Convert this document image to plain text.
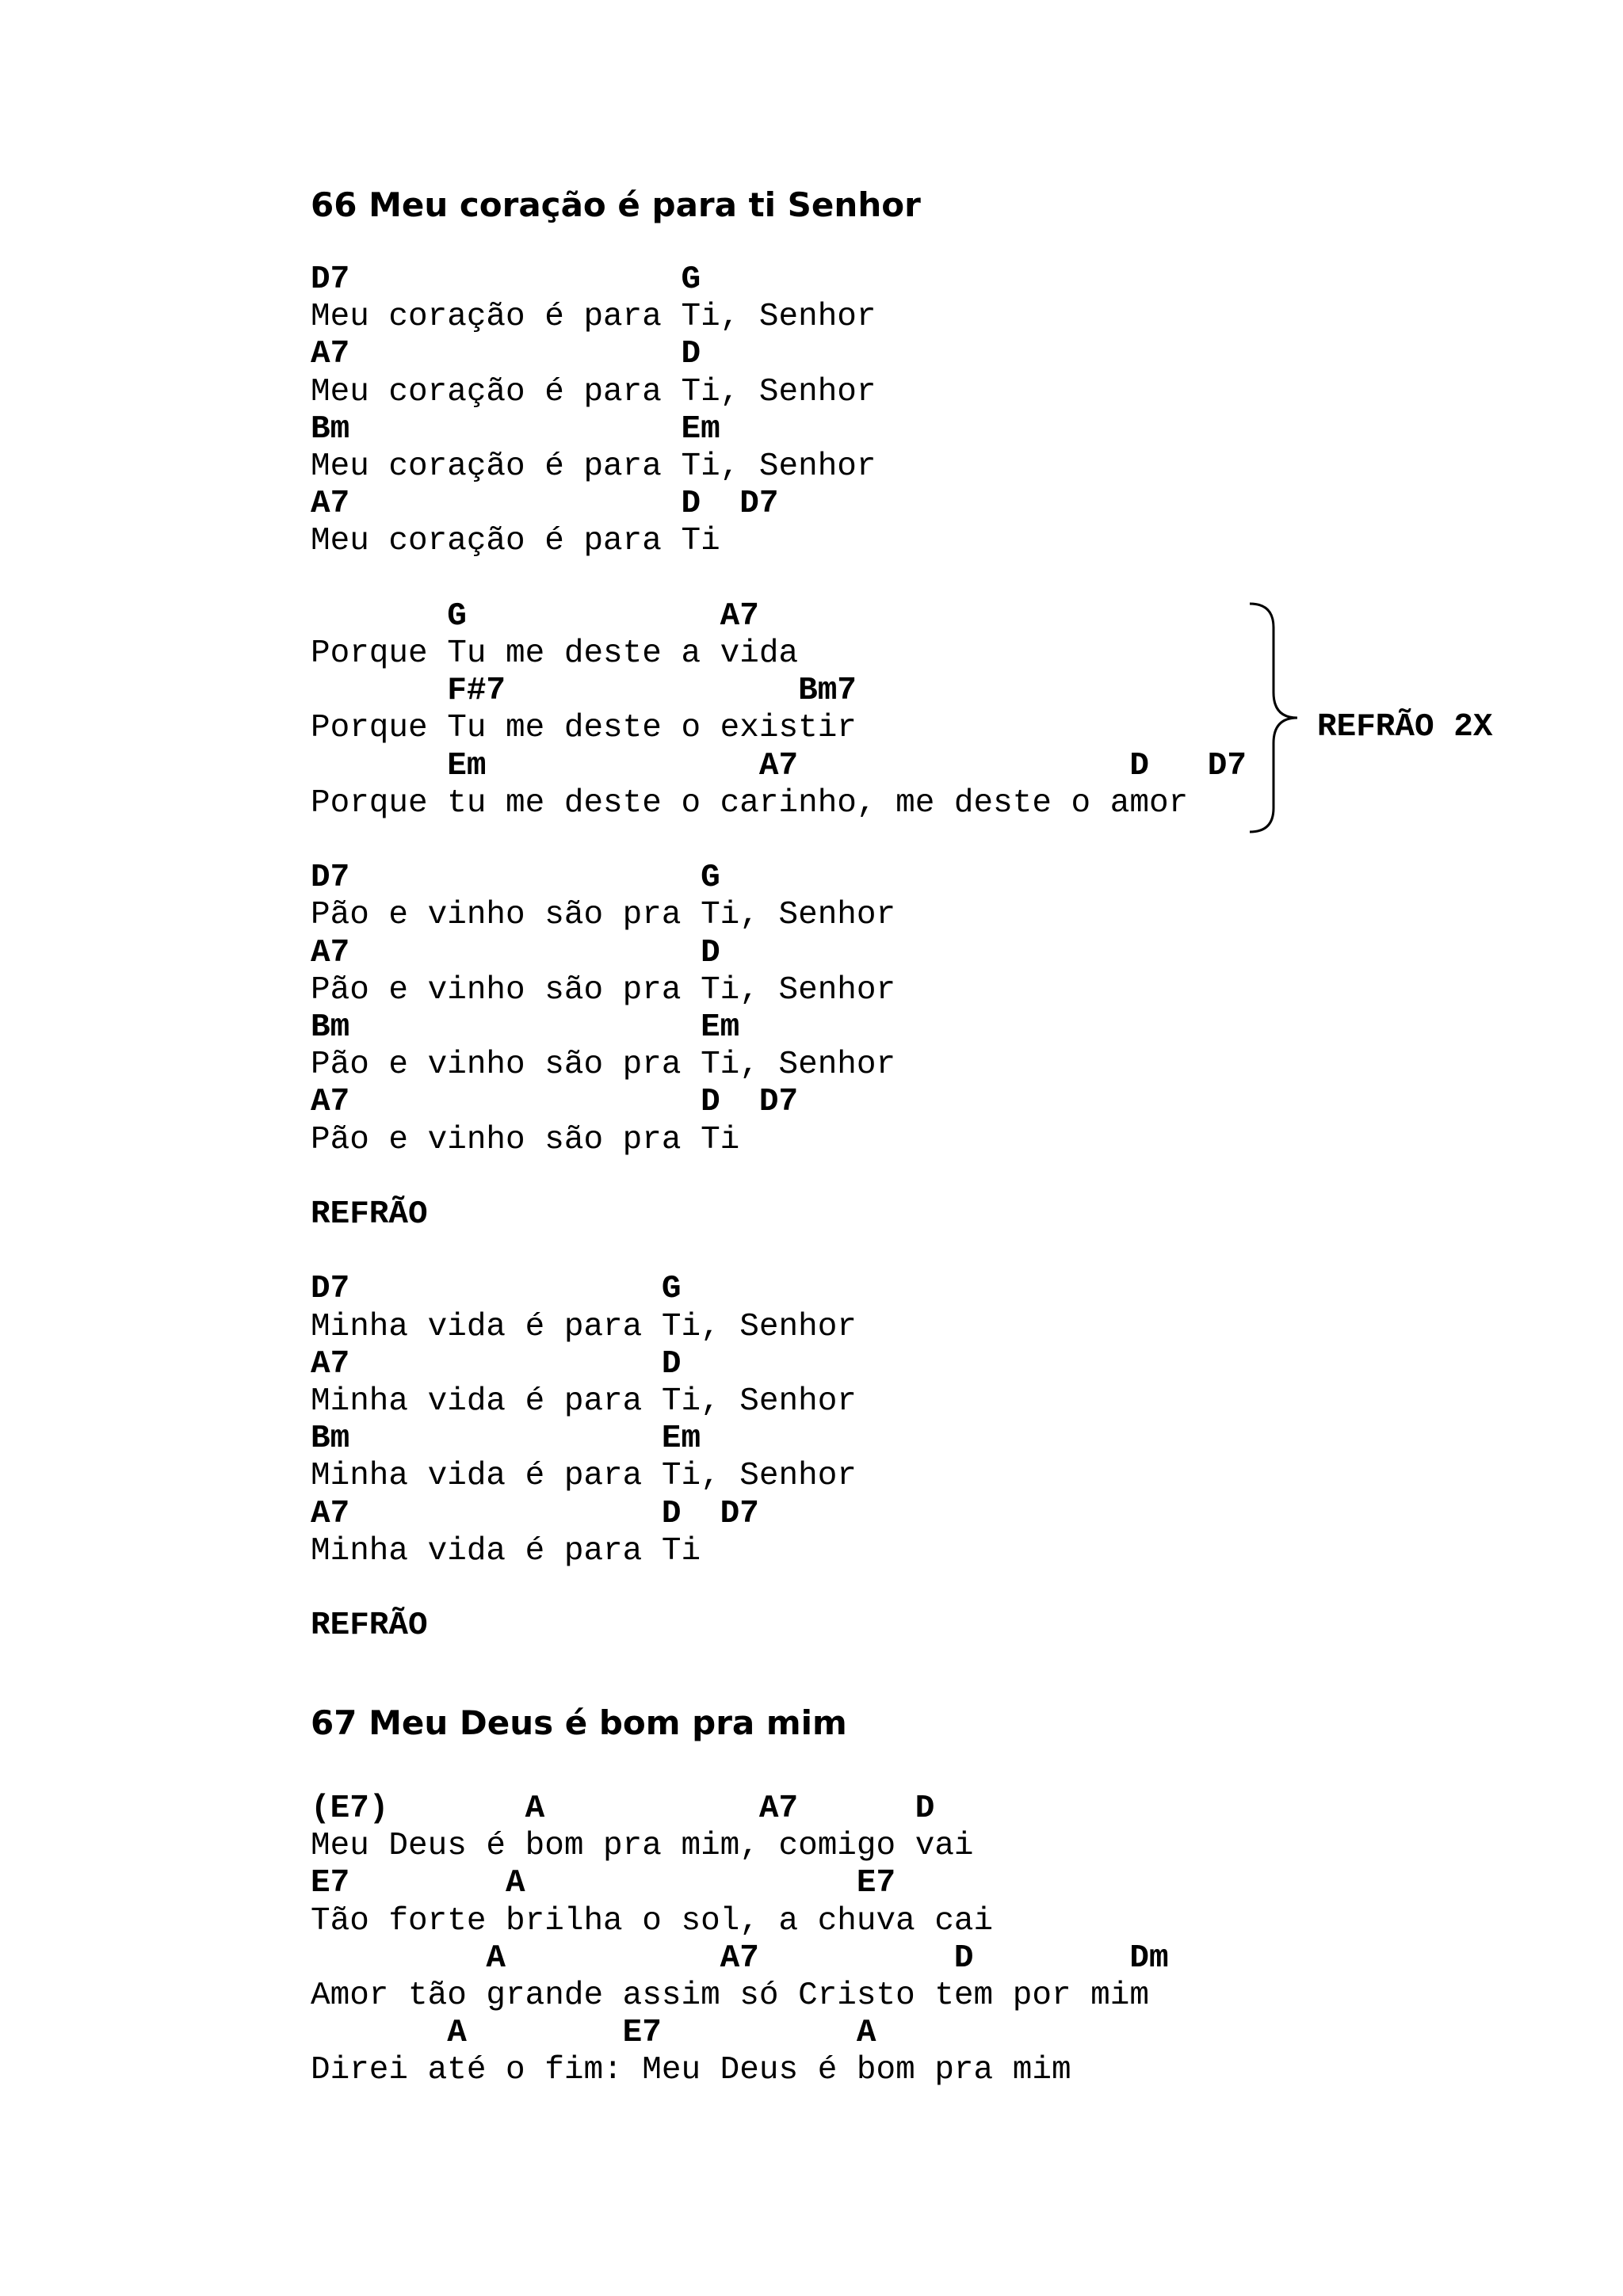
66 Meu coração é para ti Senhor
D7                 G
Meu coração é para Ti, Senhor
A7                 D
Meu coração é para Ti, Senhor
Bm                 Em
Meu coração é para Ti, Senhor
A7                 D  D7
Meu coração é para Ti
G             A7
Porque Tu me deste a vida
F#7               Bm7
Porque Tu me deste o existir
Em              A7                 D   D7
Porque tu me deste o carinho, me deste o amor
D7                  G
Pão e vinho são pra Ti, Senhor
A7                  D
Pão e vinho são pra Ti, Senhor
Bm                  Em
Pão e vinho são pra Ti, Senhor
A7                  D  D7
Pão e vinho são pra Ti
REFRÃO
D7                G
Minha vida é para Ti, Senhor
A7                D
Minha vida é para Ti, Senhor
Bm                Em
Minha vida é para Ti, Senhor
A7                D  D7
Minha vida é para Ti
REFRÃO
REFRÃO 2X
67 Meu Deus é bom pra mim
(E7)       A           A7      D
Meu Deus é bom pra mim, comigo vai
E7        A                 E7
Tão forte brilha o sol, a chuva cai
A           A7          D        Dm
Amor tão grande assim só Cristo tem por mim
A        E7          A
Direi até o fim: Meu Deus é bom pra mim
